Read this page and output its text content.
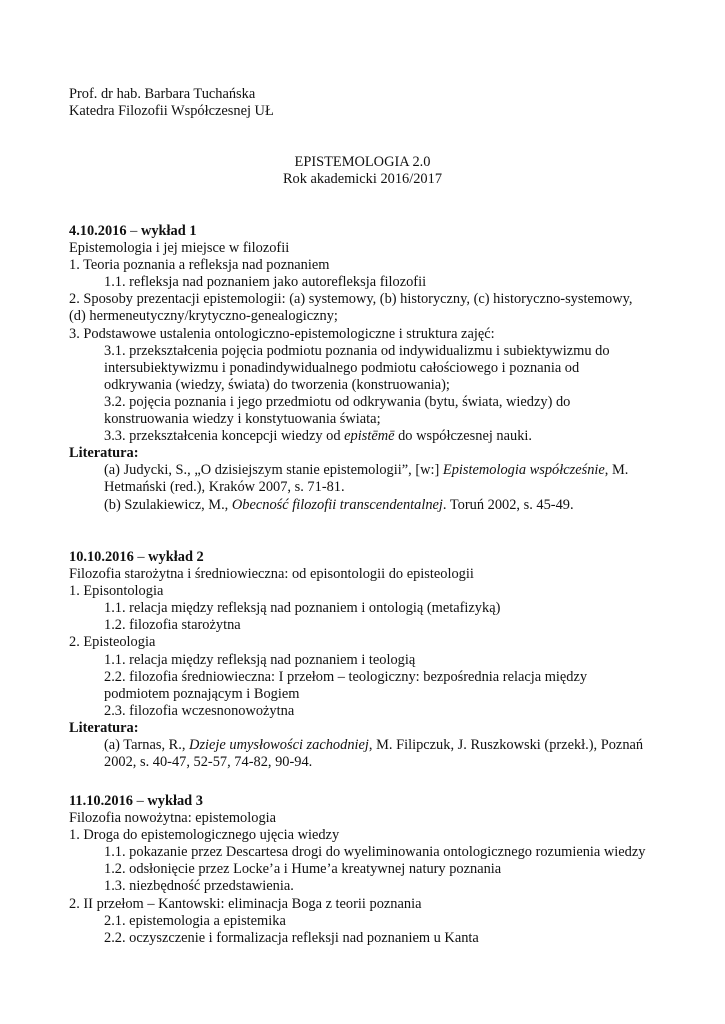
Prof. dr hab. Barbara Tuchańska
Katedra Filozofii Współczesnej UŁ
EPISTEMOLOGIA 2.0
Rok akademicki 2016/2017
4.10.2016 – wykład 1
Epistemologia i jej miejsce w filozofii
1. Teoria poznania a refleksja nad poznaniem
1.1. refleksja nad poznaniem jako autorefleksja filozofii
2. Sposoby prezentacji epistemologii: (a) systemowy, (b) historyczny, (c) historyczno-systemowy,
(d) hermeneutyczny/krytyczno-genealogiczny;
3. Podstawowe ustalenia ontologiczno-epistemologiczne i struktura zajęć:
3.1. przekształcenia pojęcia podmiotu poznania od indywidualizmu i subiektywizmu do
intersubiektywizmu i ponadindywidualnego podmiotu całościowego i poznania od
odkrywania (wiedzy, świata) do tworzenia (konstruowania);
3.2. pojęcia poznania i jego przedmiotu od odkrywania (bytu, świata, wiedzy) do
konstruowania wiedzy i konstytuowania świata;
3.3. przekształcenia koncepcji wiedzy od epistēmē do współczesnej nauki.
Literatura:
(a) Judycki, S., „O dzisiejszym stanie epistemologii”, [w:] Epistemologia współcześnie, M.
Hetmański (red.), Kraków 2007, s. 71-81.
(b) Szulakiewicz, M., Obecność filozofii transcendentalnej. Toruń 2002, s. 45-49.
10.10.2016 – wykład 2
Filozofia starożytna i średniowieczna: od episontologii do episteologii
1. Episontologia
1.1. relacja między refleksją nad poznaniem i ontologią (metafizyką)
1.2. filozofia starożytna
2. Episteologia
1.1. relacja między refleksją nad poznaniem i teologią
2.2. filozofia średniowieczna: I przełom – teologiczny: bezpośrednia relacja między
podmiotem poznającym i Bogiem
2.3. filozofia wczesnonowożytna
Literatura:
(a) Tarnas, R., Dzieje umysłowości zachodniej, M. Filipczuk, J. Ruszkowski (przekł.), Poznań
2002, s. 40-47, 52-57, 74-82, 90-94.
11.10.2016 – wykład 3
Filozofia nowożytna: epistemologia
1. Droga do epistemologicznego ujęcia wiedzy
1.1. pokazanie przez Descartesa drogi do wyeliminowania ontologicznego rozumienia wiedzy
1.2. odsłonięcie przez Locke’a i Hume’a kreatywnej natury poznania
1.3. niezbędność przedstawienia.
2. II przełom – Kantowski: eliminacja Boga z teorii poznania
2.1. epistemologia a epistemika
2.2. oczyszczenie i formalizacja refleksji nad poznaniem u Kanta
